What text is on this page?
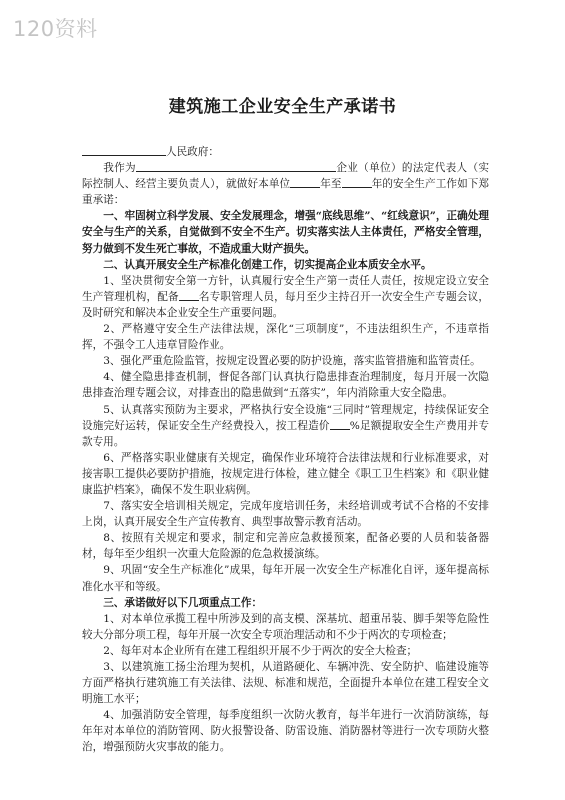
120资料
建筑施工企业安全生产承诺书

人民政府：

我作为	企业（单位）的法定代表人（实际控制人、经营主要负责人），就做好本单位	年至	年的安全生产工作如下郑重承诺：

一、牢固树立科学发展、安全发展理念，增强“底线思维”、“红线意识”，正确处理安全与生产的关系，自觉做到不安全不生产。切实落实法人主体责任，严格安全管理，努力做到不发生死亡事故，不造成重大财产损失。

二、认真开展安全生产标准化创建工作，切实提高企业本质安全水平。

1、坚决贯彻安全第一方针，认真履行安全生产第一责任人责任，按规定设立安全生产管理机构，配备 名专职管理人员，每月至少主持召开一次安全生产专题会议，及时研究和解决本企业安全生产重要问题。

2、严格遵守安全生产法律法规，深化“三项制度”，不违法组织生产，不违章指挥，不强令工人违章冒险作业。

3、强化严重危险监管，按规定设置必要的防护设施，落实监管措施和监管责任。

4、健全隐患排查机制，督促各部门认真执行隐患排查治理制度，每月开展一次隐患排查治理专题会议，对排查出的隐患做到“五落实”，年内消除重大安全隐患。

5、认真落实预防为主要求，严格执行安全设施“三同时”管理规定，持续保证安全设施完好运转，保证安全生产经费投入，按工程造价 %足额提取安全生产费用并专款专用。

6、严格落实职业健康有关规定，确保作业环境符合法律法规和行业标准要求，对接害职工提供必要防护措施，按规定进行体检，建立健全《职工卫生档案》和《职业健康监护档案》，确保不发生职业病例。

7、落实安全培训相关规定，完成年度培训任务，未经培训或考试不合格的不安排上岗，认真开展安全生产宣传教育、典型事故警示教育活动。

8、按照有关规定和要求，制定和完善应急救援预案，配备必要的人员和装备器材，每年至少组织一次重大危险源的危急救援演练。

9、巩固“安全生产标准化”成果，每年开展一次安全生产标准化自评，逐年提高标准化水平和等级。

三、承诺做好以下几项重点工作：

1、对本单位承揽工程中所涉及到的高支模、深基坑、超重吊装、脚手架等危险性较大分部分项工程，每年开展一次安全专项治理活动和不少于两次的专项检查；

2、每年对本企业所有在建工程组织开展不少于两次的安全大检查；

3、以建筑施工扬尘治理为契机，从道路硬化、车辆冲洗、安全防护、临建设施等方面严格执行建筑施工有关法律、法规、标准和规范，全面提升本单位在建工程安全文明施工水平；

4、加强消防安全管理，每季度组织一次防火教育，每半年进行一次消防演练，每年年对本单位的消防管网、防火报警设备、防雷设施、消防器材等进行一次专项防火整治，增强预防火灾事故的能力。
